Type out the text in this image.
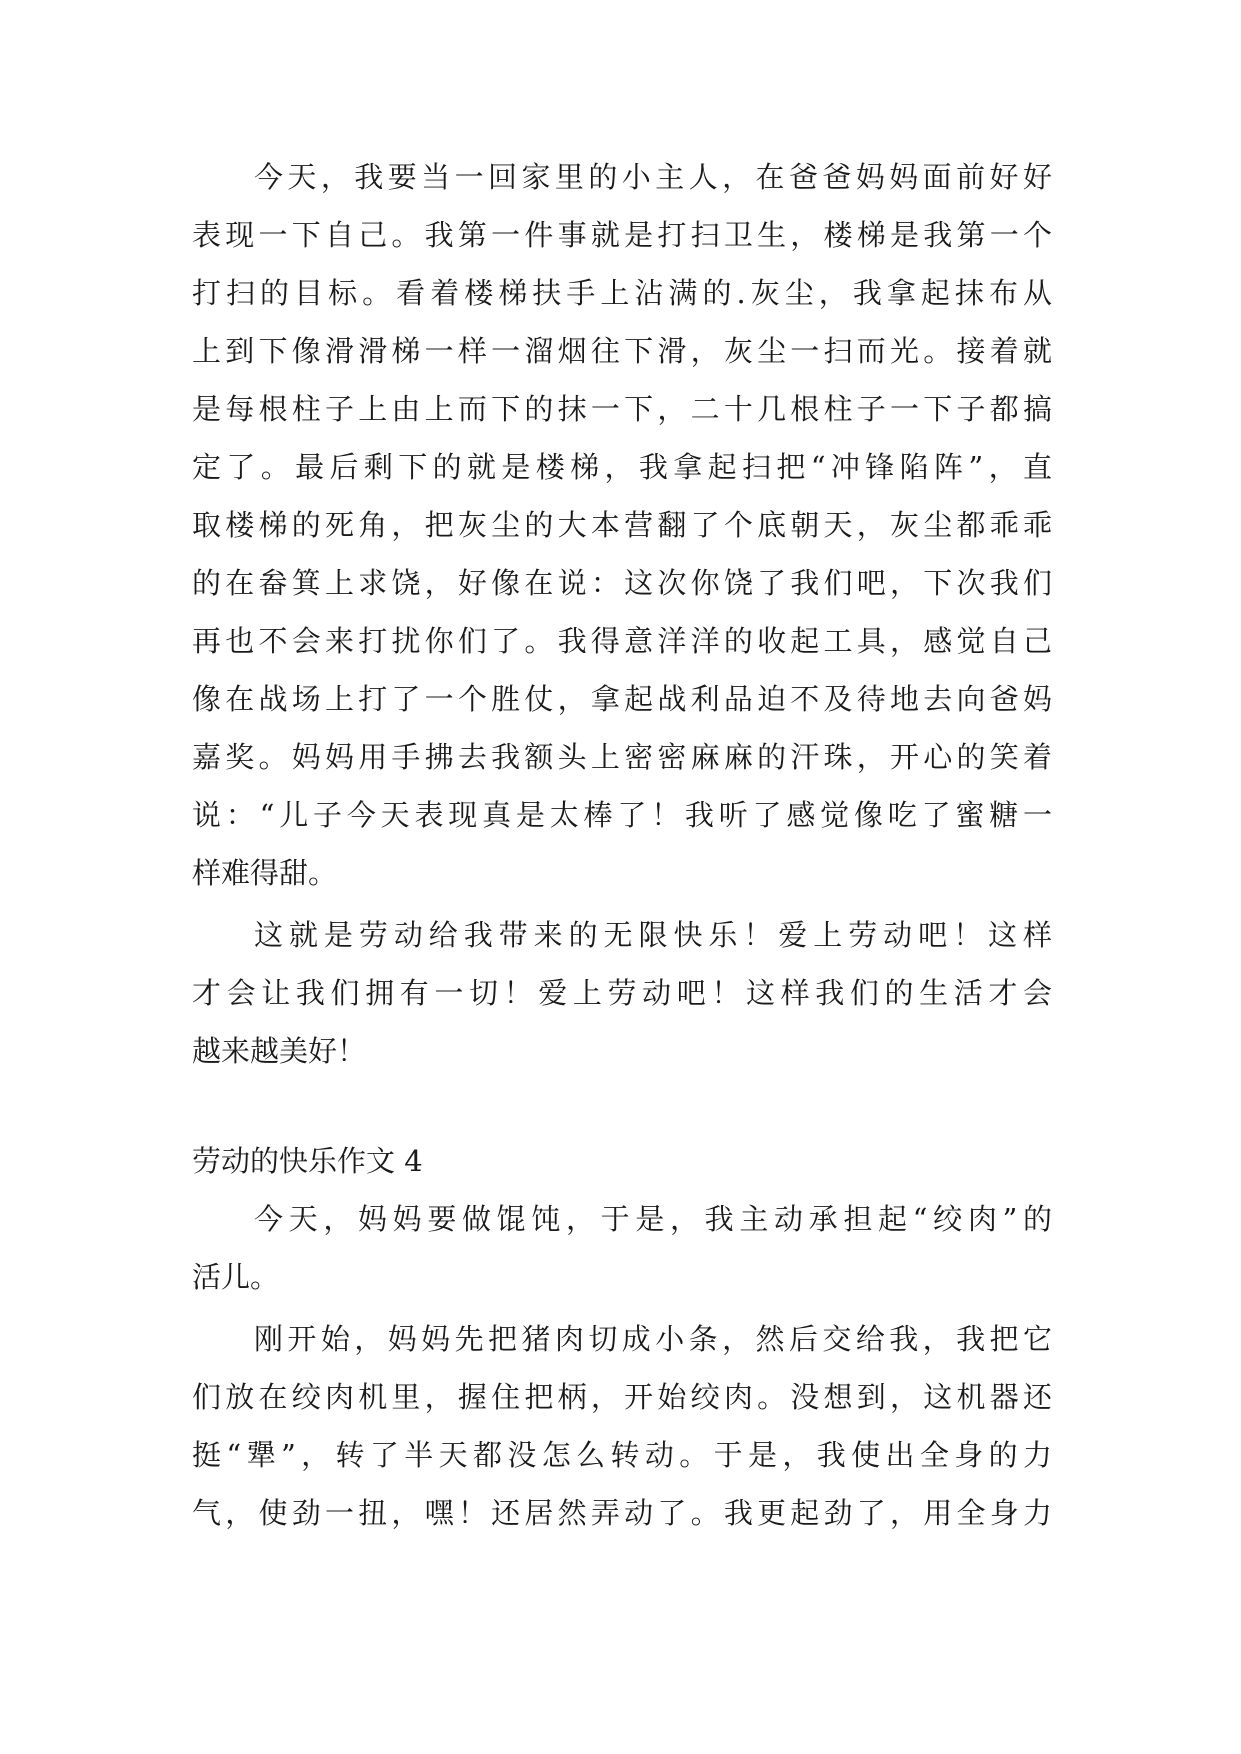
今天，我要当一回家里的小主人，在爸爸妈妈面前好好
表现一下自己。我第一件事就是打扫卫生，楼梯是我第一个
打扫的目标。看着楼梯扶手上沾满的.灰尘，我拿起抹布从
上到下像滑滑梯一样一溜烟往下滑，灰尘一扫而光。接着就
是每根柱子上由上而下的抹一下，二十几根柱子一下子都搞
定了。最后剩下的就是楼梯，我拿起扫把“冲锋陷阵”，直
取楼梯的死角，把灰尘的大本营翻了个底朝天，灰尘都乖乖
的在畚箕上求饶，好像在说：这次你饶了我们吧，下次我们
再也不会来打扰你们了。我得意洋洋的收起工具，感觉自己
像在战场上打了一个胜仗，拿起战利品迫不及待地去向爸妈
嘉奖。妈妈用手拂去我额头上密密麻麻的汗珠，开心的笑着
说：“儿子今天表现真是太棒了！我听了感觉像吃了蜜糖一
样难得甜。
这就是劳动给我带来的无限快乐！爱上劳动吧！这样
才会让我们拥有一切！爱上劳动吧！这样我们的生活才会
越来越美好！
劳动的快乐作文 4
今天，妈妈要做馄饨，于是，我主动承担起“绞肉”的
活儿。
刚开始，妈妈先把猪肉切成小条，然后交给我，我把它
们放在绞肉机里，握住把柄，开始绞肉。没想到，这机器还
挺“犟”，转了半天都没怎么转动。于是，我使出全身的力
气，使劲一扭，嘿！还居然弄动了。我更起劲了，用全身力
